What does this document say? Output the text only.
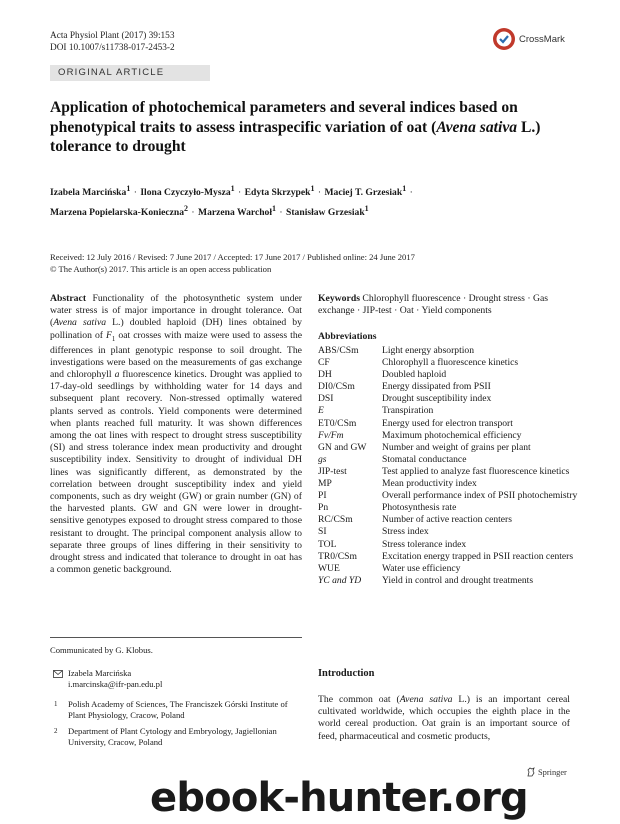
Acta Physiol Plant (2017) 39:153
DOI 10.1007/s11738-017-2453-2
CrossMark
ORIGINAL ARTICLE
Application of photochemical parameters and several indices based on phenotypical traits to assess intraspecific variation of oat (Avena sativa L.) tolerance to drought
Izabela Marcińska$^1$ · Ilona Czyczyło-Mysza$^1$ · Edyta Skrzypek$^1$ · Maciej T. Grzesiak$^1$ ·
Marzena Popielarska-Konieczna$^2$ · Marzena Warchoł$^1$ · Stanisław Grzesiak$^1$
Received: 12 July 2016 / Revised: 7 June 2017 / Accepted: 17 June 2017 / Published online: 24 June 2017
© The Author(s) 2017. This article is an open access publication
Abstract Functionality of the photosynthetic system under water stress is of major importance in drought tolerance. Oat (Avena sativa L.) doubled haploid (DH) lines obtained by pollination of $F_1$ oat crosses with maize were used to assess the differences in plant genotypic response to soil drought. The investigations were based on the measurements of gas exchange and chlorophyll a fluorescence kinetics. Drought was applied to 17-day-old seedlings by withholding water for 14 days and subsequent plant recovery. Non-stressed optimally watered plants served as controls. Yield components were determined when plants reached full maturity. It was shown differences among the oat lines with respect to drought stress susceptibility (SI) and stress tolerance index mean productivity and drought susceptibility index. Sensitivity to drought of individual DH lines was significantly different, as demonstrated by the correlation between drought susceptibility index and yield components, such as dry weight (GW) or grain number (GN) of the harvested plants. GW and GN were lower in drought-sensitive genotypes exposed to drought stress compared to those resistant to drought. The principal component analysis allow to separate three groups of lines differing in their sensitivity to drought stress and indicated that tolerance to drought in oat has a common genetic background.
Communicated by G. Klobus.
Izabela Marcińska
i.marcinska@ifr-pan.edu.pl
1 Polish Academy of Sciences, The Franciszek Górski Institute of Plant Physiology, Cracow, Poland
2 Department of Plant Cytology and Embryology, Jagiellonian University, Cracow, Poland
Keywords Chlorophyll fluorescence · Drought stress · Gas exchange · JIP-test · Oat · Yield components
Abbreviations
ABS/CSm	Light energy absorption
CF	Chlorophyll a fluorescence kinetics
DH	Doubled haploid
DI0/CSm	Energy dissipated from PSII
DSI	Drought susceptibility index
E	Transpiration
ET0/CSm	Energy used for electron transport
Fv/Fm	Maximum photochemical efficiency
GN and GW	Number and weight of grains per plant
gs	Stomatal conductance
JIP-test	Test applied to analyze fast fluorescence kinetics
MP	Mean productivity index
PI	Overall performance index of PSII photochemistry
Pn	Photosynthesis rate
RC/CSm	Number of active reaction centers
SI	Stress index
TOL	Stress tolerance index
TR0/CSm	Excitation energy trapped in PSII reaction centers
WUE	Water use efficiency
YC and YD	Yield in control and drought treatments
Introduction
The common oat (Avena sativa L.) is an important cereal cultivated worldwide, which occupies the eighth place in the world cereal production. Oat grain is an important source of feed, pharmaceutical and cosmetic products,
Springer
ebook-hunter.org
